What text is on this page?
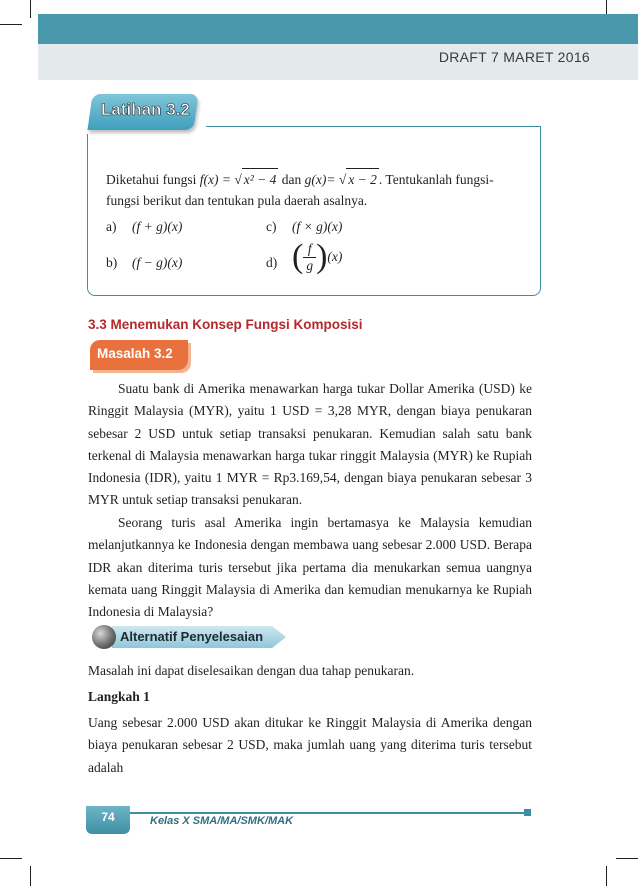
DRAFT 7 MARET 2016
Latihan 3.2
Diketahui fungsi f(x) = √ x² − 4 dan g(x)= √ x − 2 . Tentukanlah fungsi-
fungsi berikut dan tentukan pula daerah asalnya.
a) (f + g)(x)	c) (f × g)(x)
b) (f − g)(x)	d) ( $\frac{f}{g} )(x)$
3.3 Menemukan Konsep Fungsi Komposisi
Masalah 3.2
Suatu bank di Amerika menawarkan harga tukar Dollar Amerika (USD) ke Ringgit Malaysia (MYR), yaitu 1 USD = 3,28 MYR, dengan biaya penukaran sebesar 2 USD untuk setiap transaksi penukaran. Kemudian salah satu bank terkenal di Malaysia menawarkan harga tukar ringgit Malaysia (MYR) ke Rupiah Indonesia (IDR), yaitu 1 MYR = Rp3.169,54, dengan biaya penukaran sebesar 3 MYR untuk setiap transaksi penukaran.
Seorang turis asal Amerika ingin bertamasya ke Malaysia kemudian melanjutkannya ke Indonesia dengan membawa uang sebesar 2.000 USD. Berapa IDR akan diterima turis tersebut jika pertama dia menukarkan semua uangnya kemata uang Ringgit Malaysia di Amerika dan kemudian menukarnya ke Rupiah Indonesia di Malaysia?
Alternatif Penyelesaian
Masalah ini dapat diselesaikan dengan dua tahap penukaran.
Langkah 1
Uang sebesar 2.000 USD akan ditukar ke Ringgit Malaysia di Amerika dengan biaya penukaran sebesar 2 USD, maka jumlah uang yang diterima turis tersebut adalah
74	Kelas X SMA/MA/SMK/MAK
